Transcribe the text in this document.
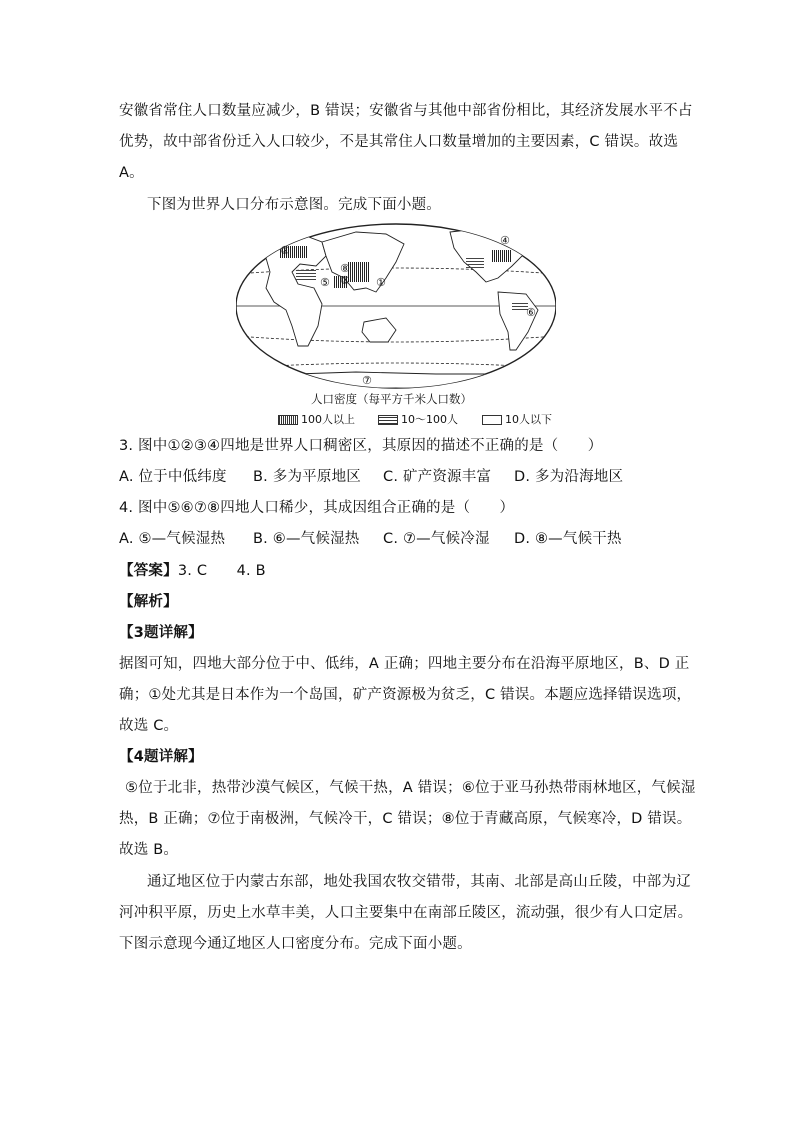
安徽省常住人口数量应减少，B 错误；安徽省与其他中部省份相比，其经济发展水平不占
优势，故中部省份迁入人口较少，不是其常住人口数量增加的主要因素，C 错误。故选
A。
下图为世界人口分布示意图。完成下面小题。
①
②
③
④
⑤
⑥
⑦
⑧
人口密度（每平方千米人口数）
100人以上	10～100人	10人以下
3. 图中①②③④四地是世界人口稠密区，其原因的描述不正确的是（　　）
A. 位于中低纬度 B. 多为平原地区 C. 矿产资源丰富 D. 多为沿海地区
4. 图中⑤⑥⑦⑧四地人口稀少，其成因组合正确的是（　　）
A. ⑤—气候湿热 B. ⑥—气候湿热 C. ⑦—气候冷湿 D. ⑧—气候干热
【答案】3. C　　4. B
【解析】
【3题详解】
据图可知，四地大部分位于中、低纬，A 正确；四地主要分布在沿海平原地区，B、D 正
确；①处尤其是日本作为一个岛国，矿产资源极为贫乏，C 错误。本题应选择错误选项，
故选 C。
【4题详解】
⑤位于北非，热带沙漠气候区，气候干热，A 错误；⑥位于亚马孙热带雨林地区，气候湿
热，B 正确；⑦位于南极洲，气候冷干，C 错误；⑧位于青藏高原，气候寒冷，D 错误。
故选 B。
通辽地区位于内蒙古东部，地处我国农牧交错带，其南、北部是高山丘陵，中部为辽
河冲积平原，历史上水草丰美，人口主要集中在南部丘陵区，流动强，很少有人口定居。
下图示意现今通辽地区人口密度分布。完成下面小题。
